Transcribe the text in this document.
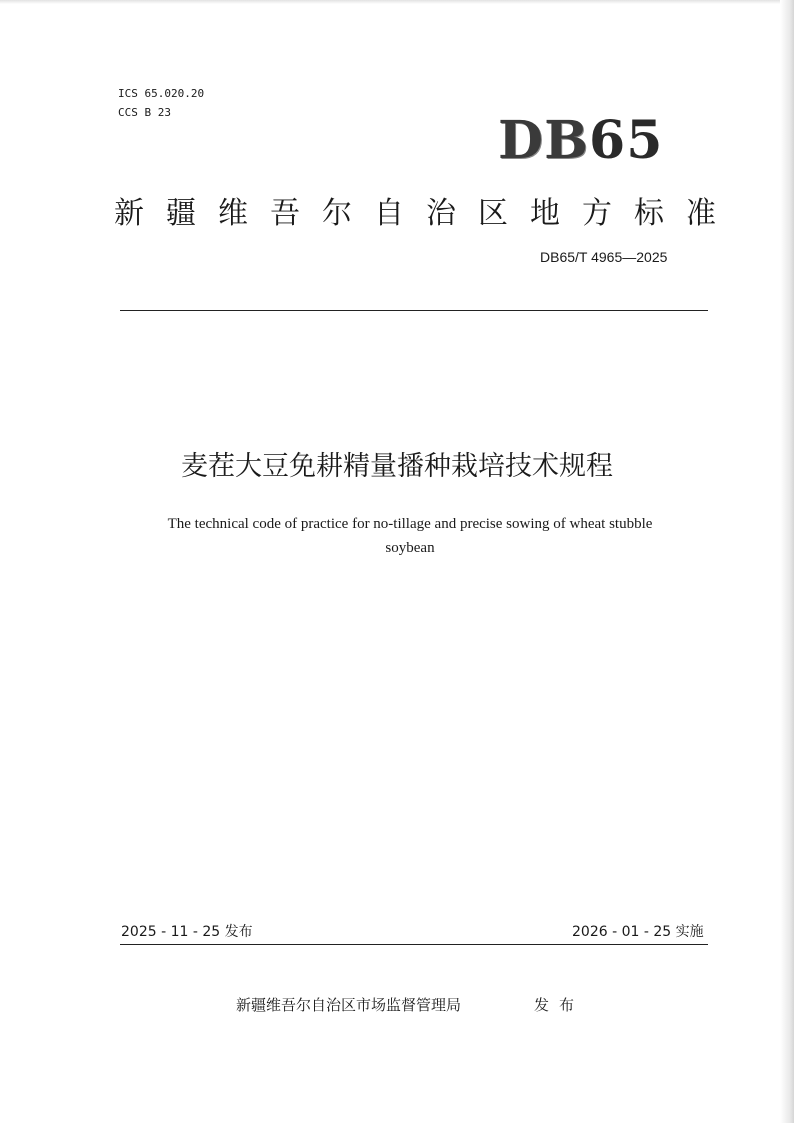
ICS 65.020.20
CCS B 23	DB65
新疆维吾尔自治区地方标准
DB65/T 4965—2025
麦茬大豆免耕精量播种栽培技术规程
The technical code of practice for no-tillage and precise sowing of wheat stubble soybean
2025 - 11 - 25 发布	2026 - 01 - 25 实施
新疆维吾尔自治区市场监督管理局	发布
